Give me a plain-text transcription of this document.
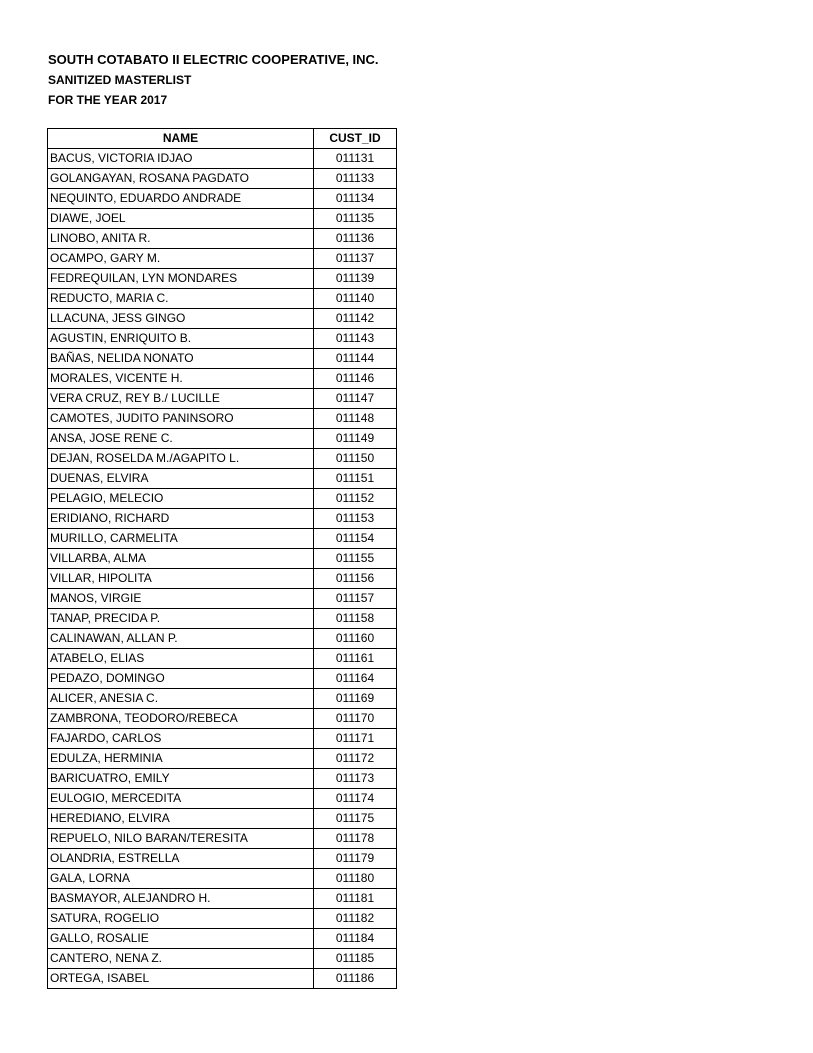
SOUTH COTABATO II ELECTRIC COOPERATIVE, INC.
SANITIZED MASTERLIST
FOR THE YEAR 2017
NAME	CUST_ID
BACUS, VICTORIA IDJAO	011131
GOLANGAYAN, ROSANA PAGDATO	011133
NEQUINTO, EDUARDO ANDRADE	011134
DIAWE, JOEL	011135
LINOBO, ANITA R.	011136
OCAMPO, GARY M.	011137
FEDREQUILAN, LYN MONDARES	011139
REDUCTO, MARIA C.	011140
LLACUNA, JESS GINGO	011142
AGUSTIN, ENRIQUITO B.	011143
BAÑAS, NELIDA NONATO	011144
MORALES, VICENTE H.	011146
VERA CRUZ, REY B./ LUCILLE	011147
CAMOTES, JUDITO PANINSORO	011148
ANSA, JOSE RENE C.	011149
DEJAN, ROSELDA M./AGAPITO L.	011150
DUENAS, ELVIRA	011151
PELAGIO, MELECIO	011152
ERIDIANO, RICHARD	011153
MURILLO, CARMELITA	011154
VILLARBA, ALMA	011155
VILLAR, HIPOLITA	011156
MANOS, VIRGIE	011157
TANAP, PRECIDA P.	011158
CALINAWAN, ALLAN P.	011160
ATABELO, ELIAS	011161
PEDAZO, DOMINGO	011164
ALICER, ANESIA C.	011169
ZAMBRONA, TEODORO/REBECA	011170
FAJARDO, CARLOS	011171
EDULZA, HERMINIA	011172
BARICUATRO, EMILY	011173
EULOGIO, MERCEDITA	011174
HEREDIANO, ELVIRA	011175
REPUELO, NILO BARAN/TERESITA	011178
OLANDRIA, ESTRELLA	011179
GALA, LORNA	011180
BASMAYOR, ALEJANDRO H.	011181
SATURA, ROGELIO	011182
GALLO, ROSALIE	011184
CANTERO, NENA Z.	011185
ORTEGA, ISABEL	011186
